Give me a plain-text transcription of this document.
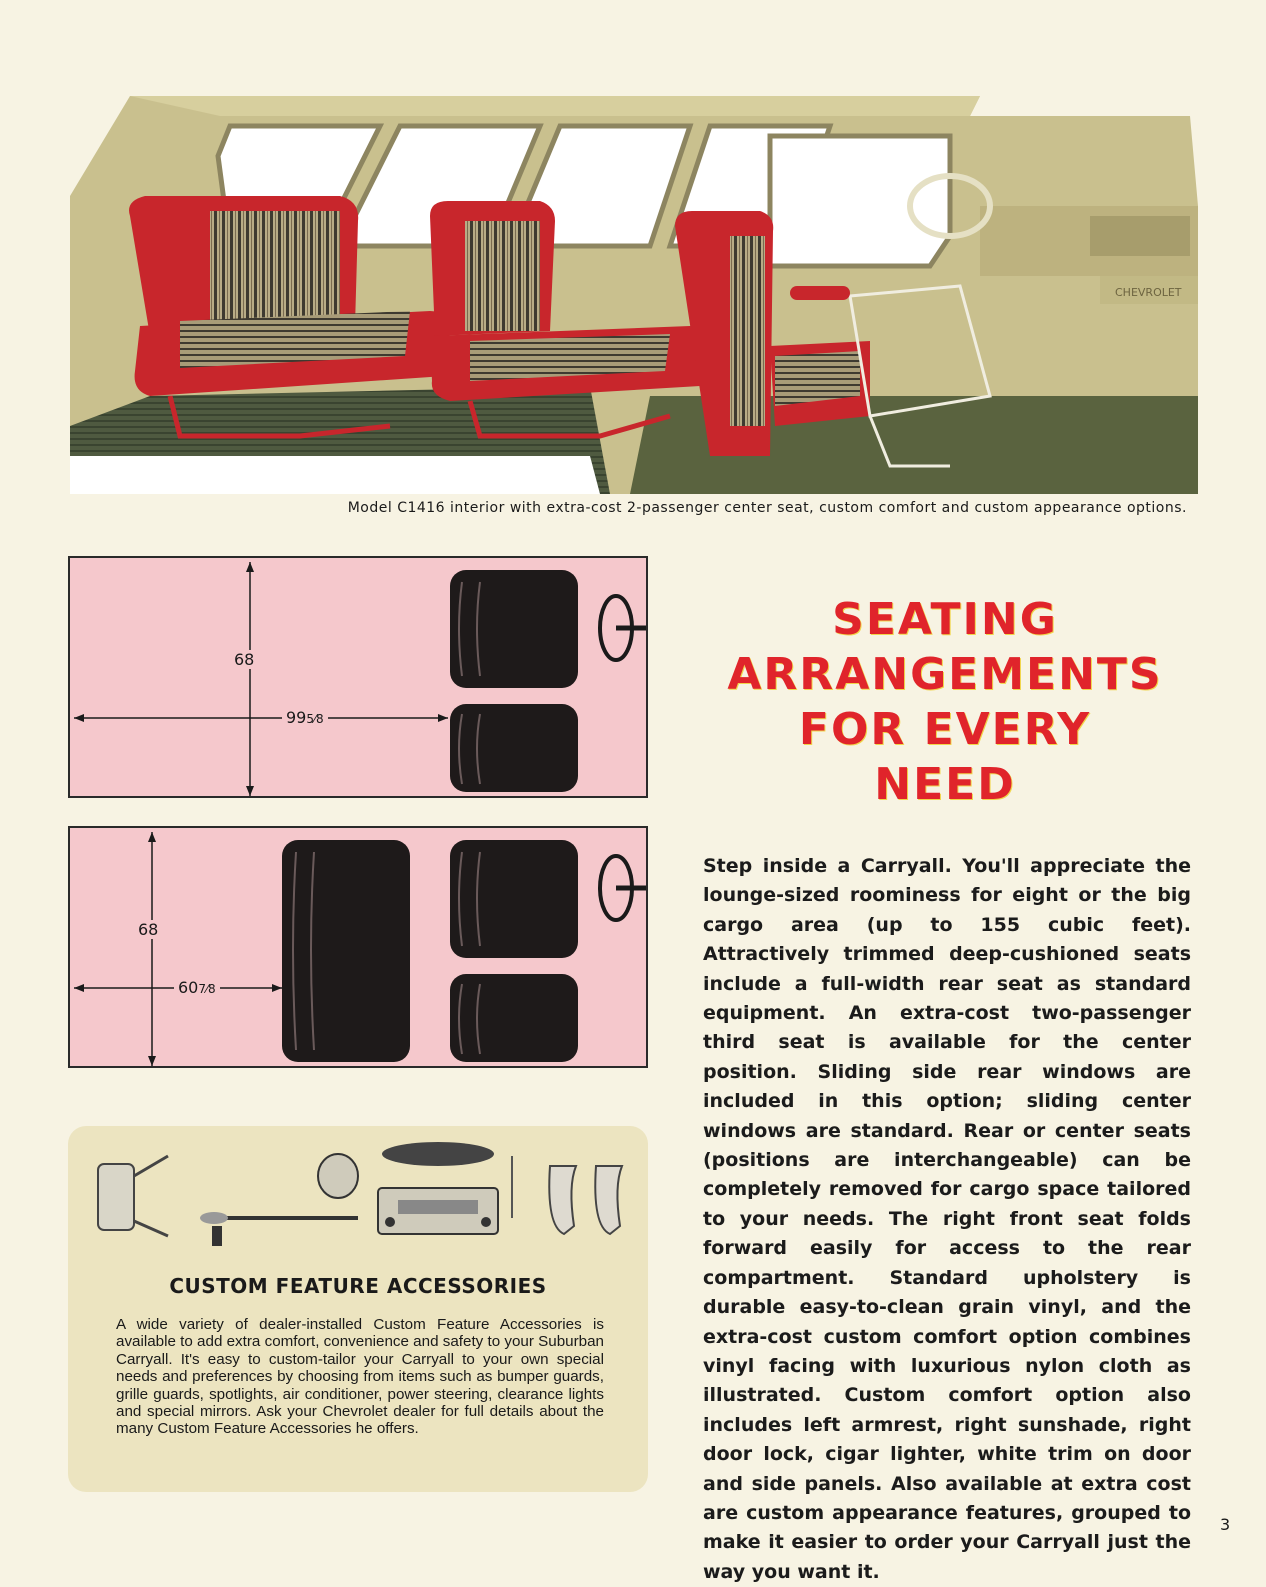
CHEVROLET
Model C1416 interior with extra-cost 2-passenger center seat, custom comfort and custom appearance options.
68
995⁄8
68
607⁄8
SEATING
ARRANGEMENTS
FOR EVERY
NEED
Step inside a Carryall. You'll appreciate the lounge-sized roominess for eight or the big cargo area (up to 155 cubic feet). Attractively trimmed deep-cushioned seats include a full-width rear seat as standard equipment. An extra-cost two-passenger third seat is available for the center position. Sliding side rear windows are included in this option; sliding center windows are standard. Rear or center seats (positions are interchangeable) can be completely removed for cargo space tailored to your needs. The right front seat folds forward easily for access to the rear compartment. Standard upholstery is durable easy-to-clean grain vinyl, and the extra-cost custom comfort option combines vinyl facing with luxurious nylon cloth as illustrated. Custom comfort option also includes left armrest, right sunshade, right door lock, cigar lighter, white trim on door and side panels. Also available at extra cost are custom appearance features, grouped to make it easier to order your Carryall just the way you want it.
CUSTOM FEATURE ACCESSORIES
A wide variety of dealer-installed Custom Feature Accessories is available to add extra comfort, convenience and safety to your Suburban Carryall. It's easy to custom-tailor your Carryall to your own special needs and preferences by choosing from items such as bumper guards, grille guards, spotlights, air conditioner, power steering, clearance lights and special mirrors. Ask your Chevrolet dealer for full details about the many Custom Feature Accessories he offers.
3
